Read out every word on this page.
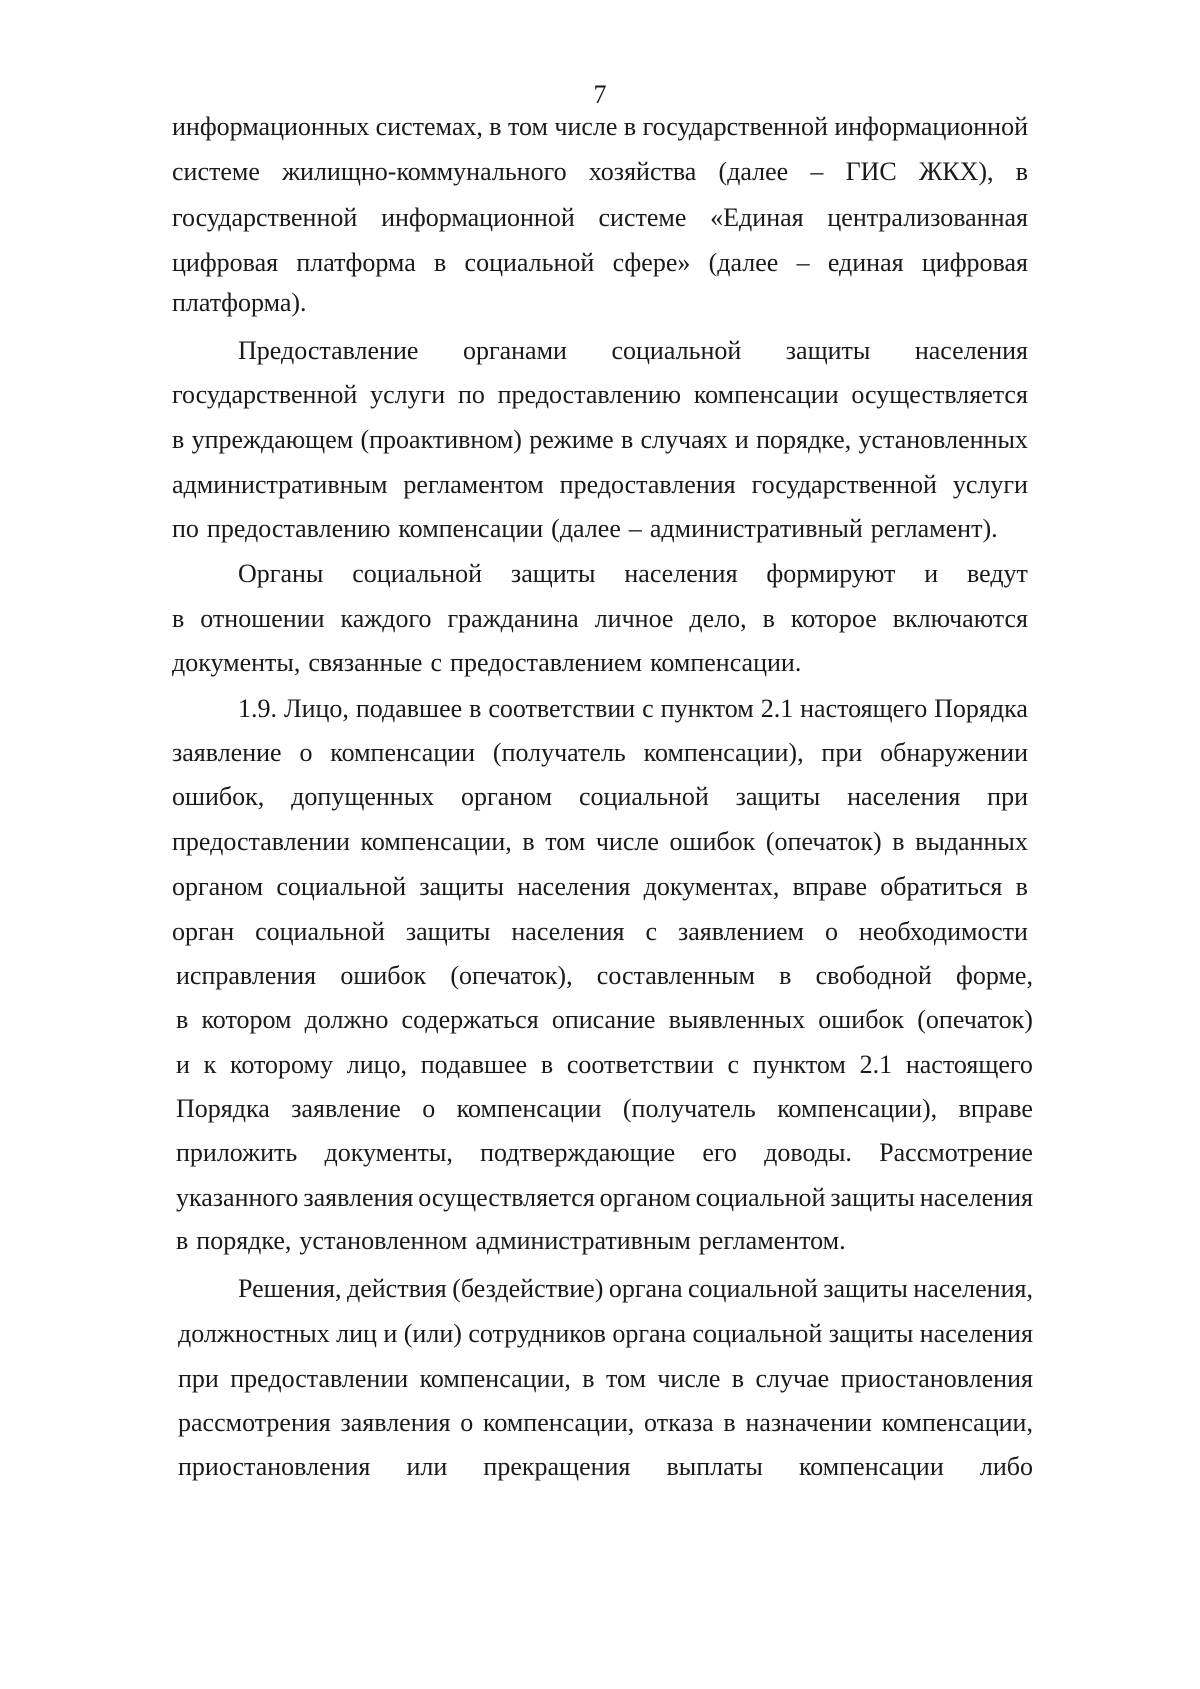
7
информационных системах, в том числе в государственной информационной
системе жилищно-коммунального хозяйства (далее – ГИС ЖКХ), в
государственной информационной системе «Единая централизованная
цифровая платформа в социальной сфере» (далее – единая цифровая
платформа).
Предоставление органами социальной защиты населения
государственной услуги по предоставлению компенсации осуществляется
в упреждающем (проактивном) режиме в случаях и порядке, установленных
административным регламентом предоставления государственной услуги
по предоставлению компенсации (далее – административный регламент).
Органы социальной защиты населения формируют и ведут
в отношении каждого гражданина личное дело, в которое включаются
документы, связанные с предоставлением компенсации.
1.9. Лицо, подавшее в соответствии с пунктом 2.1 настоящего Порядка
заявление о компенсации (получатель компенсации), при обнаружении
ошибок, допущенных органом социальной защиты населения при
предоставлении компенсации, в том числе ошибок (опечаток) в выданных
органом социальной защиты населения документах, вправе обратиться в
орган социальной защиты населения с заявлением о необходимости
исправления ошибок (опечаток), составленным в свободной форме,
в котором должно содержаться описание выявленных ошибок (опечаток)
и к которому лицо, подавшее в соответствии с пунктом 2.1 настоящего
Порядка заявление о компенсации (получатель компенсации), вправе
приложить документы, подтверждающие его доводы. Рассмотрение
указанного заявления осуществляется органом социальной защиты населения
в порядке, установленном административным регламентом.
Решения, действия (бездействие) органа социальной защиты населения,
должностных лиц и (или) сотрудников органа социальной защиты населения
при предоставлении компенсации, в том числе в случае приостановления
рассмотрения заявления о компенсации, отказа в назначении компенсации,
приостановления или прекращения выплаты компенсации либо
